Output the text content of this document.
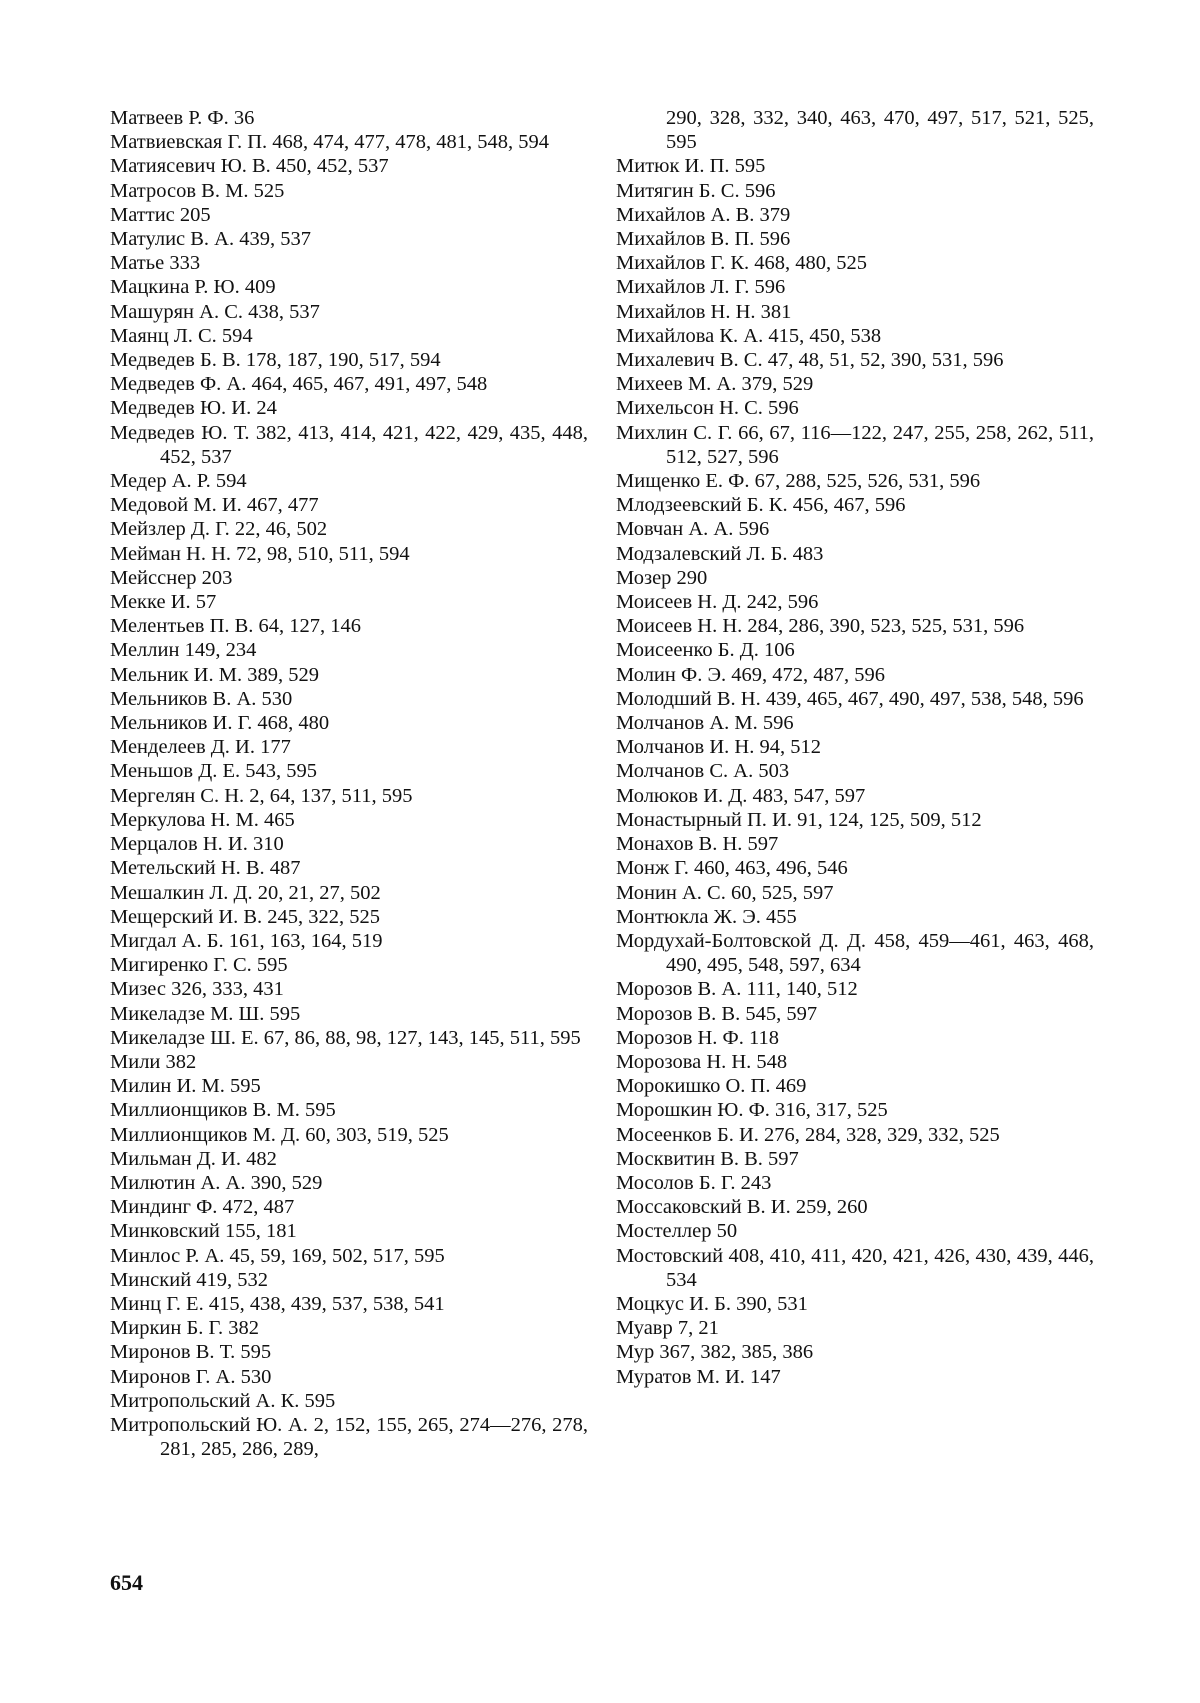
Матвеев Р. Ф. 36
Матвиевская Г. П. 468, 474, 477, 478, 481, 548, 594
Матиясевич Ю. В. 450, 452, 537
Матросов В. М. 525
Маттис 205
Матулис В. А. 439, 537
Матье 333
Мацкина Р. Ю. 409
Машурян А. С. 438, 537
Маянц Л. С. 594
Медведев Б. В. 178, 187, 190, 517, 594
Медведев Ф. А. 464, 465, 467, 491, 497, 548
Медведев Ю. И. 24
Медведев Ю. Т. 382, 413, 414, 421, 422, 429, 435, 448, 452, 537
Медер А. Р. 594
Медовой М. И. 467, 477
Мейзлер Д. Г. 22, 46, 502
Мейман Н. Н. 72, 98, 510, 511, 594
Мейсснер 203
Мекке И. 57
Мелентьев П. В. 64, 127, 146
Меллин 149, 234
Мельник И. М. 389, 529
Мельников В. А. 530
Мельников И. Г. 468, 480
Менделеев Д. И. 177
Меньшов Д. Е. 543, 595
Мергелян С. Н. 2, 64, 137, 511, 595
Меркулова Н. М. 465
Мерцалов Н. И. 310
Метельский Н. В. 487
Мешалкин Л. Д. 20, 21, 27, 502
Мещерский И. В. 245, 322, 525
Мигдал А. Б. 161, 163, 164, 519
Мигиренко Г. С. 595
Мизес 326, 333, 431
Микеладзе М. Ш. 595
Микеладзе Ш. Е. 67, 86, 88, 98, 127, 143, 145, 511, 595
Мили 382
Милин И. М. 595
Миллионщиков В. М. 595
Миллионщиков М. Д. 60, 303, 519, 525
Мильман Д. И. 482
Милютин А. А. 390, 529
Миндинг Ф. 472, 487
Минковский 155, 181
Минлос Р. А. 45, 59, 169, 502, 517, 595
Минский 419, 532
Минц Г. Е. 415, 438, 439, 537, 538, 541
Миркин Б. Г. 382
Миронов В. Т. 595
Миронов Г. А. 530
Митропольский А. К. 595
Митропольский Ю. А. 2, 152, 155, 265, 274—276, 278, 281, 285, 286, 289,
290, 328, 332, 340, 463, 470, 497, 517, 521, 525, 595
Митюк И. П. 595
Митягин Б. С. 596
Михайлов А. В. 379
Михайлов В. П. 596
Михайлов Г. К. 468, 480, 525
Михайлов Л. Г. 596
Михайлов Н. Н. 381
Михайлова К. А. 415, 450, 538
Михалевич В. С. 47, 48, 51, 52, 390, 531, 596
Михеев М. А. 379, 529
Михельсон Н. С. 596
Михлин С. Г. 66, 67, 116—122, 247, 255, 258, 262, 511, 512, 527, 596
Мищенко Е. Ф. 67, 288, 525, 526, 531, 596
Млодзеевский Б. К. 456, 467, 596
Мовчан А. А. 596
Модзалевский Л. Б. 483
Мозер 290
Моисеев Н. Д. 242, 596
Моисеев Н. Н. 284, 286, 390, 523, 525, 531, 596
Моисеенко Б. Д. 106
Молин Ф. Э. 469, 472, 487, 596
Молодший В. Н. 439, 465, 467, 490, 497, 538, 548, 596
Молчанов А. М. 596
Молчанов И. Н. 94, 512
Молчанов С. А. 503
Молюков И. Д. 483, 547, 597
Монастырный П. И. 91, 124, 125, 509, 512
Монахов В. Н. 597
Монж Г. 460, 463, 496, 546
Монин А. С. 60, 525, 597
Монтюкла Ж. Э. 455
Мордухай-Болтовской Д. Д. 458, 459—461, 463, 468, 490, 495, 548, 597, 634
Морозов В. А. 111, 140, 512
Морозов В. В. 545, 597
Морозов Н. Ф. 118
Морозова Н. Н. 548
Морокишко О. П. 469
Морошкин Ю. Ф. 316, 317, 525
Мосеенков Б. И. 276, 284, 328, 329, 332, 525
Москвитин В. В. 597
Мосолов Б. Г. 243
Моссаковский В. И. 259, 260
Мостеллер 50
Мостовский 408, 410, 411, 420, 421, 426, 430, 439, 446, 534
Моцкус И. Б. 390, 531
Муавр 7, 21
Мур 367, 382, 385, 386
Муратов М. И. 147
654
